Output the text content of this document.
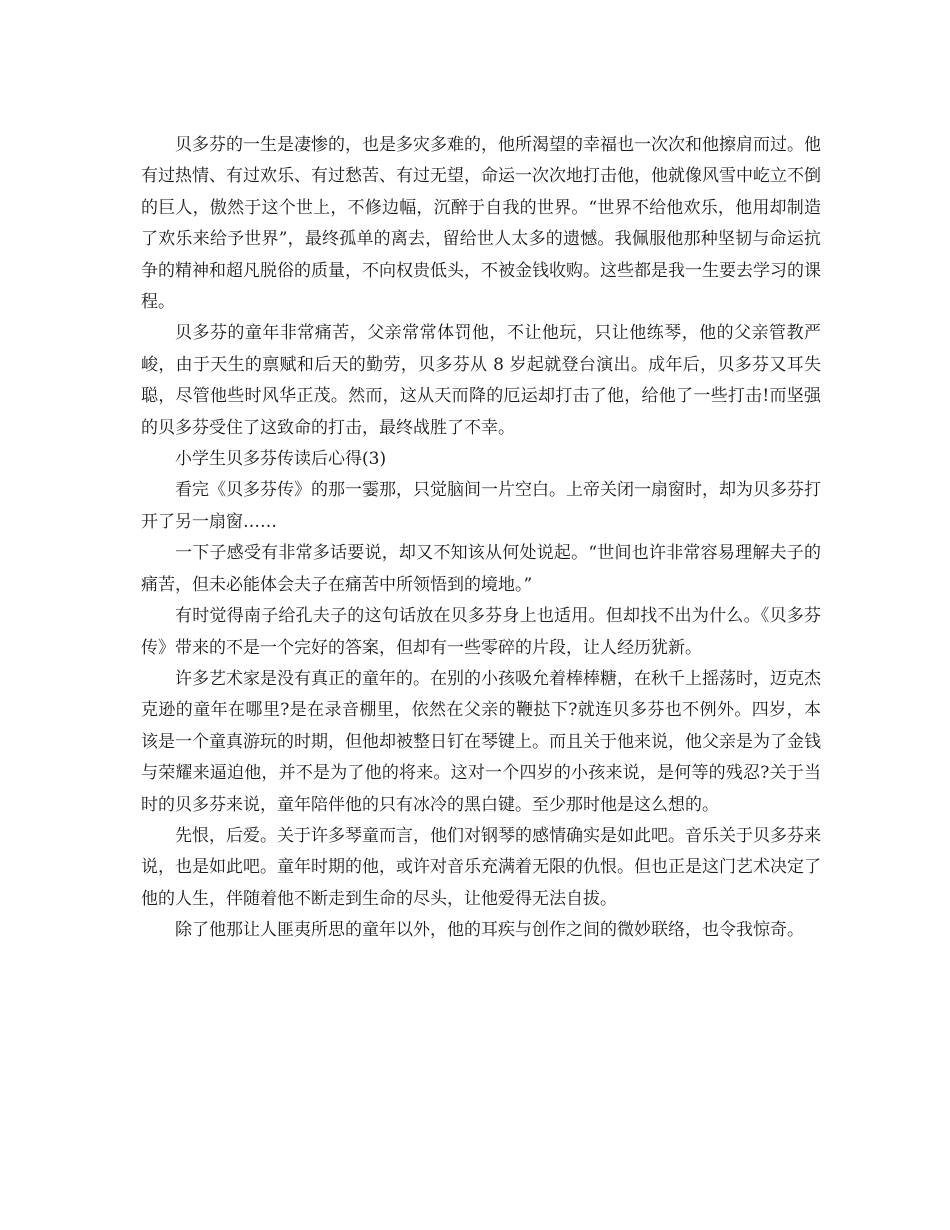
贝多芬的一生是凄惨的，也是多灾多难的，他所渴望的幸福也一次次和他擦肩而过。他有过热情、有过欢乐、有过愁苦、有过无望，命运一次次地打击他，他就像风雪中屹立不倒的巨人，傲然于这个世上，不修边幅，沉醉于自我的世界。“世界不给他欢乐，他用却制造了欢乐来给予世界”，最终孤单的离去，留给世人太多的遗憾。我佩服他那种坚韧与命运抗争的精神和超凡脱俗的质量，不向权贵低头，不被金钱收购。这些都是我一生要去学习的课程。

贝多芬的童年非常痛苦，父亲常常体罚他，不让他玩，只让他练琴，他的父亲管教严峻，由于天生的禀赋和后天的勤劳，贝多芬从 8 岁起就登台演出。成年后，贝多芬又耳失聪，尽管他些时风华正茂。然而，这从天而降的厄运却打击了他，给他了一些打击!而坚强的贝多芬受住了这致命的打击，最终战胜了不幸。

小学生贝多芬传读后心得(3)

看完《贝多芬传》的那一霎那，只觉脑间一片空白。上帝关闭一扇窗时，却为贝多芬打开了另一扇窗……

一下子感受有非常多话要说，却又不知该从何处说起。“世间也许非常容易理解夫子的痛苦，但未必能体会夫子在痛苦中所领悟到的境地。”

有时觉得南子给孔夫子的这句话放在贝多芬身上也适用。但却找不出为什么。《贝多芬传》带来的不是一个完好的答案，但却有一些零碎的片段，让人经历犹新。

许多艺术家是没有真正的童年的。在别的小孩吸允着棒棒糖，在秋千上摇荡时，迈克杰克逊的童年在哪里?是在录音棚里，依然在父亲的鞭挞下?就连贝多芬也不例外。四岁，本该是一个童真游玩的时期，但他却被整日钉在琴键上。而且关于他来说，他父亲是为了金钱与荣耀来逼迫他，并不是为了他的将来。这对一个四岁的小孩来说，是何等的残忍?关于当时的贝多芬来说，童年陪伴他的只有冰冷的黑白键。至少那时他是这么想的。

先恨，后爱。关于许多琴童而言，他们对钢琴的感情确实是如此吧。音乐关于贝多芬来说，也是如此吧。童年时期的他，或许对音乐充满着无限的仇恨。但也正是这门艺术决定了他的人生，伴随着他不断走到生命的尽头，让他爱得无法自拔。

除了他那让人匪夷所思的童年以外，他的耳疾与创作之间的微妙联络，也令我惊奇。
